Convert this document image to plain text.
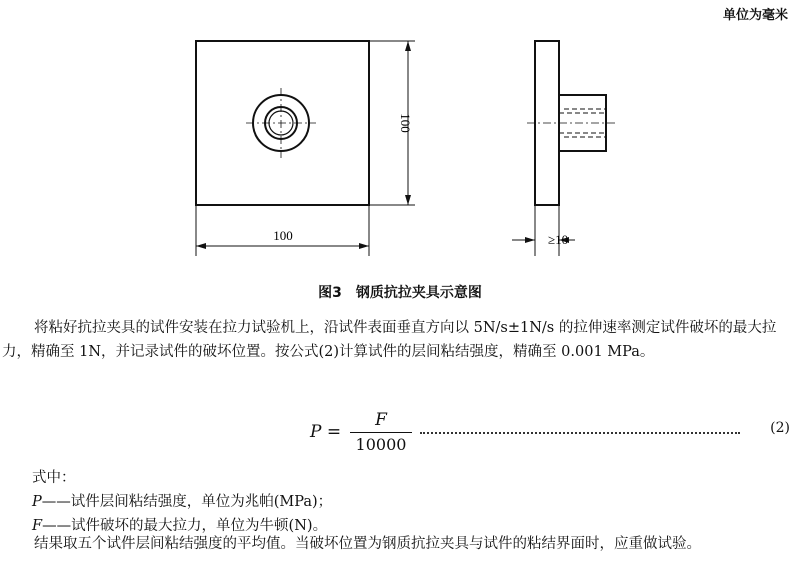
单位为毫米
100
100
≥10
图3　钢质抗拉夹具示意图
将粘好抗拉夹具的试件安装在拉力试验机上，沿试件表面垂直方向以 5N/s±1N/s 的拉伸速率测定试件破坏的最大拉力，精确至 1N，并记录试件的破坏位置。按公式(2)计算试件的层间粘结强度，精确至 0.001 MPa。
P =
F
10000
(2)
式中：
P——试件层间粘结强度，单位为兆帕(MPa)；
F——试件破坏的最大拉力，单位为牛顿(N)。
结果取五个试件层间粘结强度的平均值。当破坏位置为钢质抗拉夹具与试件的粘结界面时，应重做试验。
